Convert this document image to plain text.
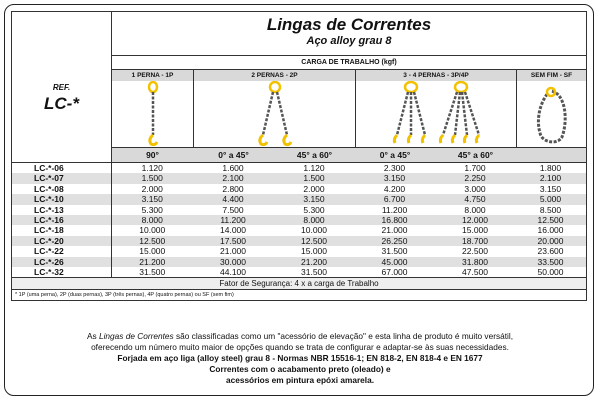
REF.
LC-*
Lingas de Correntes
Aço alloy grau 8
CARGA DE TRABALHO (kgf)
1 PERNA - 1P	2 PERNAS - 2P	3 - 4 PERNAS - 3P/4P	SEM FIM - SF
90°	0° a 45°	45° a 60°	0° a 45°	45° a 60°
LC-*-06	1.120	1.600	1.120	2.300	1.700	1.800
LC-*-07	1.500	2.100	1.500	3.150	2.250	2.100
LC-*-08	2.000	2.800	2.000	4.200	3.000	3.150
LC-*-10	3.150	4.400	3.150	6.700	4.750	5.000
LC-*-13	5.300	7.500	5.300	11.200	8.000	8.500
LC-*-16	8.000	11.200	8.000	16.800	12.000	12.500
LC-*-18	10.000	14.000	10.000	21.000	15.000	16.000
LC-*-20	12.500	17.500	12.500	26.250	18.700	20.000
LC-*-22	15.000	21.000	15.000	31.500	22.500	23.600
LC-*-26	21.200	30.000	21.200	45.000	31.800	33.500
LC-*-32	31.500	44.100	31.500	67.000	47.500	50.000
Fator de Segurança: 4 x a carga de Trabalho
* 1P (uma perna), 2P (duas pernas), 3P (três pernas), 4P (quatro pernas) ou SF (sem fim)
As Lingas de Correntes são classificadas como um "acessório de elevação" e esta linha de produto é muito versátil,
oferecendo um número muito maior de opções quando se trata de configurar e adaptar-se às suas necessidades.
Forjada em aço liga (alloy steel) grau 8 - Normas NBR 15516-1; EN 818-2, EN 818-4 e EN 1677
Correntes com o acabamento preto (oleado) e
acessórios em pintura epóxi amarela.
